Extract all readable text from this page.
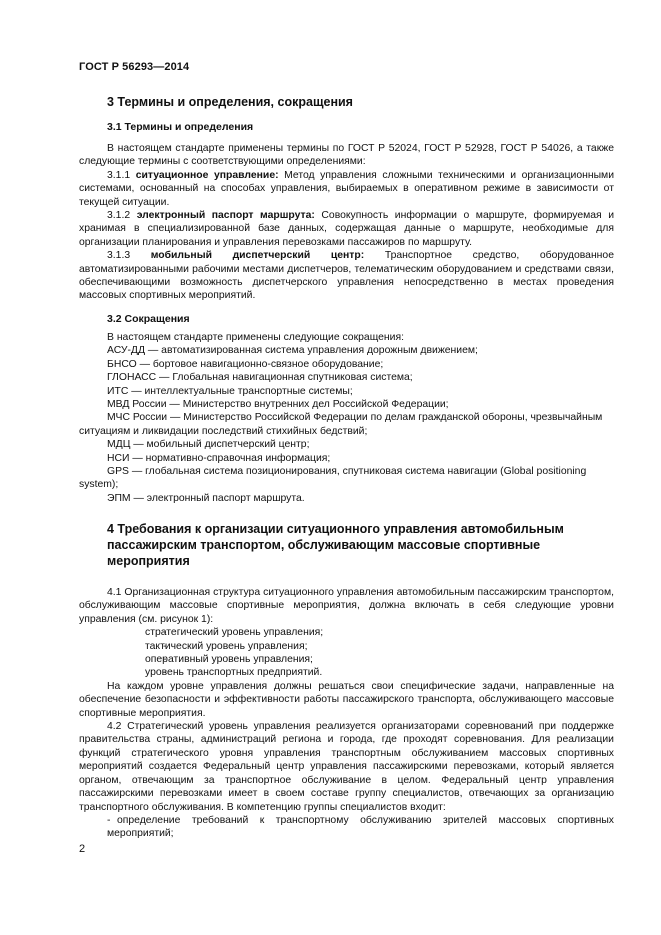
ГОСТ Р 56293—2014
3 Термины и определения, сокращения
3.1 Термины и определения

В настоящем стандарте применены термины по ГОСТ Р 52024, ГОСТ Р 52928, ГОСТ Р 54026, а также следующие термины с соответствующими определениями:

3.1.1 ситуационное управление: Метод управления сложными техническими и организационными системами, основанный на способах управления, выбираемых в оперативном режиме в зависимости от текущей ситуации.

3.1.2 электронный паспорт маршрута: Совокупность информации о маршруте, формируемая и хранимая в специализированной базе данных, содержащая данные о маршруте, необходимые для организации планирования и управления перевозками пассажиров по маршруту.

3.1.3 мобильный диспетчерский центр: Транспортное средство, оборудованное автоматизированными рабочими местами диспетчеров, телематическим оборудованием и средствами связи, обеспечивающими возможность диспетчерского управления непосредственно в местах проведения массовых спортивных мероприятий.

3.2 Сокращения

В настоящем стандарте применены следующие сокращения:

АСУ-ДД — автоматизированная система управления дорожным движением;

БНСО — бортовое навигационно-связное оборудование;

ГЛОНАСС — Глобальная навигационная спутниковая система;

ИТС — интеллектуальные транспортные системы;

МВД России — Министерство внутренних дел Российской Федерации;

МЧС России — Министерство Российской Федерации по делам гражданской обороны, чрезвычайным ситуациям и ликвидации последствий стихийных бедствий;

МДЦ — мобильный диспетчерский центр;

НСИ — нормативно-справочная информация;

GPS — глобальная система позиционирования, спутниковая система навигации (Global positioning system);

ЭПМ — электронный паспорт маршрута.

4 Требования к организации ситуационного управления автомобильным
пассажирским транспортом, обслуживающим массовые спортивные
мероприятия

4.1 Организационная структура ситуационного управления автомобильным пассажирским транспортом, обслуживающим массовые спортивные мероприятия, должна включать в себя следующие уровни управления (см. рисунок 1):

- стратегический уровень управления;

- тактический уровень управления;

- оперативный уровень управления;

- уровень транспортных предприятий.

На каждом уровне управления должны решаться свои специфические задачи, направленные на обеспечение безопасности и эффективности работы пассажирского транспорта, обслуживающего массовые спортивные мероприятия.

4.2 Стратегический уровень управления реализуется организаторами соревнований при поддержке правительства страны, администраций региона и города, где проходят соревнования. Для реализации функций стратегического уровня управления транспортным обслуживанием массовых спортивных мероприятий создается Федеральный центр управления пассажирскими перевозками, который является органом, отвечающим за транспортное обслуживание в целом. Федеральный центр управления пассажирскими перевозками имеет в своем составе группу специалистов, отвечающих за организацию транспортного обслуживания. В компетенцию группы специалистов входит:

- определение требований к транспортному обслуживанию зрителей массовых спортивных мероприятий;

2
